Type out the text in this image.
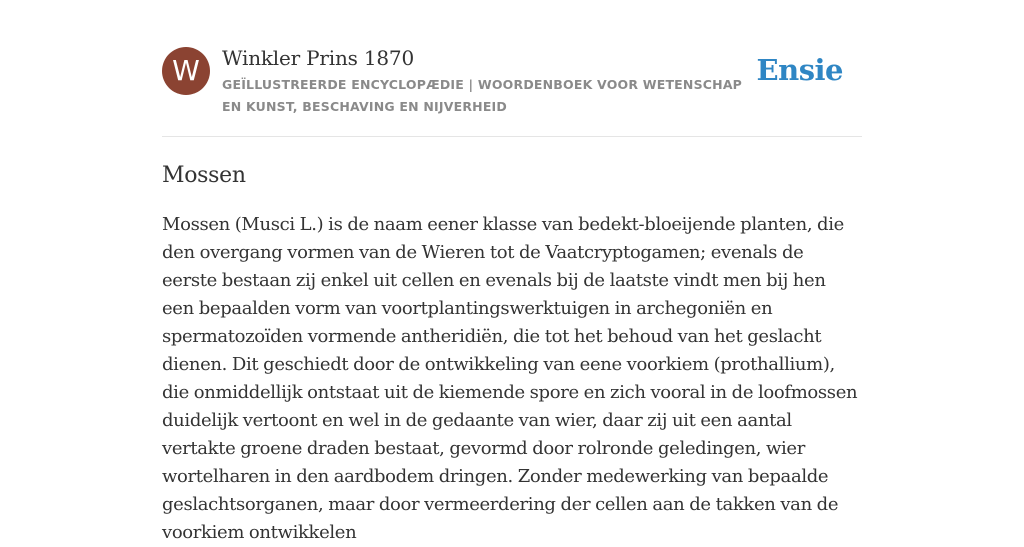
W	Winkler Prins 1870
GEÏLLUSTREERDE ENCYCLOPÆDIE | WOORDENBOEK VOOR WETENSCHAP EN KUNST, BESCHAVING EN NIJVERHEID
Ensie
Mossen
Mossen (Musci L.) is de naam eener klasse van bedekt-bloeijende planten, die den overgang vormen van de Wieren tot de Vaatcryptogamen; evenals de eerste bestaan zij enkel uit cellen en evenals bij de laatste vindt men bij hen een bepaalden vorm van voortplantingswerktuigen in archegoniën en spermatozoïden vormende antheridiën, die tot het behoud van het geslacht dienen. Dit geschiedt door de ontwikkeling van eene voorkiem (prothallium), die onmiddellijk ontstaat uit de kiemende spore en zich vooral in de loofmossen duidelijk vertoont en wel in de gedaante van wier, daar zij uit een aantal vertakte groene draden bestaat, gevormd door rolronde geledingen, wier wortelharen in den aardbodem dringen. Zonder medewerking van bepaalde geslachtsorganen, maar door vermeerdering der cellen aan de takken van de voorkiem ontwikkelen
